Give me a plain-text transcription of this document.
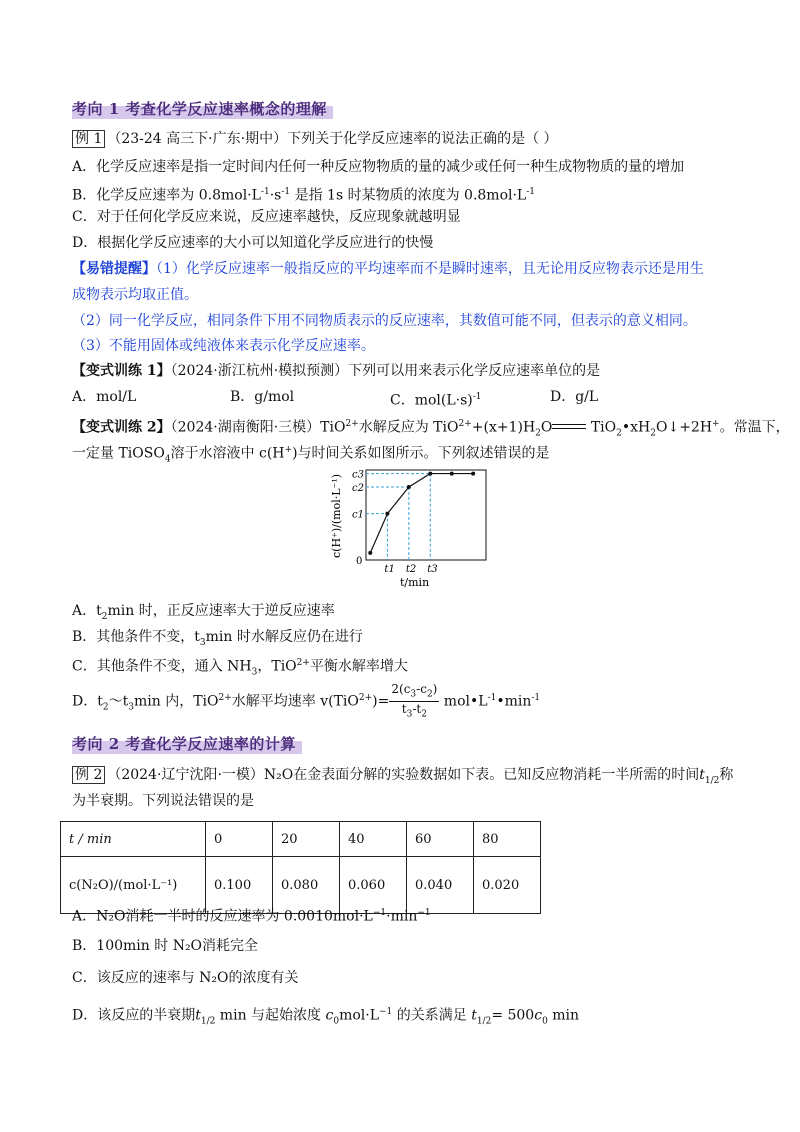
考向 1 考查化学反应速率概念的理解
例 1 （23-24 高三下·广东·期中）下列关于化学反应速率的说法正确的是（ ）
A．化学反应速率是指一定时间内任何一种反应物物质的量的减少或任何一种生成物物质的量的增加
B．化学反应速率为 $0.8mol\cdot L^{-1}\cdot s^{-1}$ 是指 1s 时某物质的浓度为 $0.8mol\cdot L^{-1}$
C．对于任何化学反应来说，反应速率越快，反应现象就越明显
D．根据化学反应速率的大小可以知道化学反应进行的快慢
【易错提醒】（1）化学反应速率一般指反应的平均速率而不是瞬时速率，且无论用反应物表示还是用生
成物表示均取正值。
（2）同一化学反应，相同条件下用不同物质表示的反应速率，其数值可能不同，但表示的意义相同。
（3）不能用固体或纯液体来表示化学反应速率。
【变式训练 1】（2024·浙江杭州·模拟预测）下列可以用来表示化学反应速率单位的是
A．mol/L	B．g/mol	C．$mol(L\cdot s)^{-1}$	D．g/L
【变式训练 2】（2024·湖南衡阳·三模）TiO$^{2+}$水解反应为 $TiO^{2+}+(x+1)H_2O$
$TiO_2•xH_2O↓+2H^+$。常温下，
一定量 TiOSO$_4$溶于水溶液中 c(H+)与时间关系如图所示。下列叙述错误的是
t1 t2 t3
c1
c2
c3
0
t/min
c(H⁺)/(mol·L⁻¹)
A．$t_2\min$ 时，正反应速率大于逆反应速率
B．其他条件不变，$t_3\min$ 时水解反应仍在进行
C．其他条件不变，通入 $NH_3$，TiO$^{2+}$平衡水解率增大
D．$t_2\sim t_3\min$ 内，TiO$^{2+}$水解平均速率 $v(TiO^{2+})= \frac{2(c_3-c_2)}{t_3-t_2}$ $mol•L^{-1}•\min^{-1}$
考向 2 考查化学反应速率的计算
例 2 （2024·辽宁沈阳·一模）N₂O在金表面分解的实验数据如下表。已知反应物消耗一半所需的时间$t_{1/2}$称
为半衰期。下列说法错误的是
t / min	0	20	40	60	80
c(N₂O)/(mol·L⁻¹)	0.100	0.080	0.060	0.040	0.020
A．N₂O消耗一半时的反应速率为 $0.0010mol\cdot L^{-1}\cdot\min^{-1}$
B．100min 时 N₂O消耗完全
C．该反应的速率与 N₂O的浓度有关
D．该反应的半衰期$t_{1/2}$ min 与起始浓度 $c_0mol\cdot L^{-1}$ 的关系满足 $t_{1/2}= 500c_0$ min
